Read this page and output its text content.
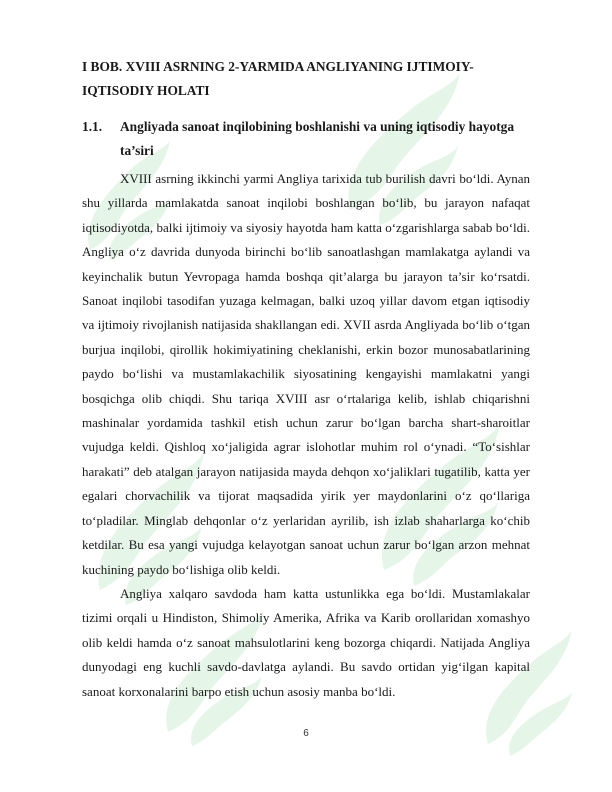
I BOB. XVIII ASRNING 2-YARMIDA ANGLIYANING IJTIMOIY-IQTISODIY HOLATI
1.1.	Angliyada sanoat inqilobining boshlanishi va uning iqtisodiy hayotga ta’siri

XVIII asrning ikkinchi yarmi Angliya tarixida tub burilish davri bo‘ldi. Aynan shu yillarda mamlakatda sanoat inqilobi boshlangan bo‘lib, bu jarayon nafaqat iqtisodiyotda, balki ijtimoiy va siyosiy hayotda ham katta o‘zgarishlarga sabab bo‘ldi. Angliya o‘z davrida dunyoda birinchi bo‘lib sanoatlashgan mamlakatga aylandi va keyinchalik butun Yevropaga hamda boshqa qit’alarga bu jarayon ta’sir ko‘rsatdi. Sanoat inqilobi tasodifan yuzaga kelmagan, balki uzoq yillar davom etgan iqtisodiy va ijtimoiy rivojlanish natijasida shakllangan edi. XVII asrda Angliyada bo‘lib o‘tgan burjua inqilobi, qirollik hokimiyatining cheklanishi, erkin bozor munosabatlarining paydo bo‘lishi va mustamlakachilik siyosatining kengayishi mamlakatni yangi bosqichga olib chiqdi. Shu tariqa XVIII asr o‘rtalariga kelib, ishlab chiqarishni mashinalar yordamida tashkil etish uchun zarur bo‘lgan barcha shart-sharoitlar vujudga keldi. Qishloq xo‘jaligida agrar islohotlar muhim rol o‘ynadi. “To‘sishlar harakati” deb atalgan jarayon natijasida mayda dehqon xo‘jaliklari tugatilib, katta yer egalari chorvachilik va tijorat maqsadida yirik yer maydonlarini o‘z qo‘llariga to‘pladilar. Minglab dehqonlar o‘z yerlaridan ayrilib, ish izlab shaharlarga ko‘chib ketdilar. Bu esa yangi vujudga kelayotgan sanoat uchun zarur bo‘lgan arzon mehnat kuchining paydo bo‘lishiga olib keldi.

Angliya xalqaro savdoda ham katta ustunlikka ega bo‘ldi. Mustamlakalar tizimi orqali u Hindiston, Shimoliy Amerika, Afrika va Karib orollaridan xomashyo olib keldi hamda o‘z sanoat mahsulotlarini keng bozorga chiqardi. Natijada Angliya dunyodagi eng kuchli savdo-davlatga aylandi. Bu savdo ortidan yig‘ilgan kapital sanoat korxonalarini barpo etish uchun asosiy manba bo‘ldi.

6
